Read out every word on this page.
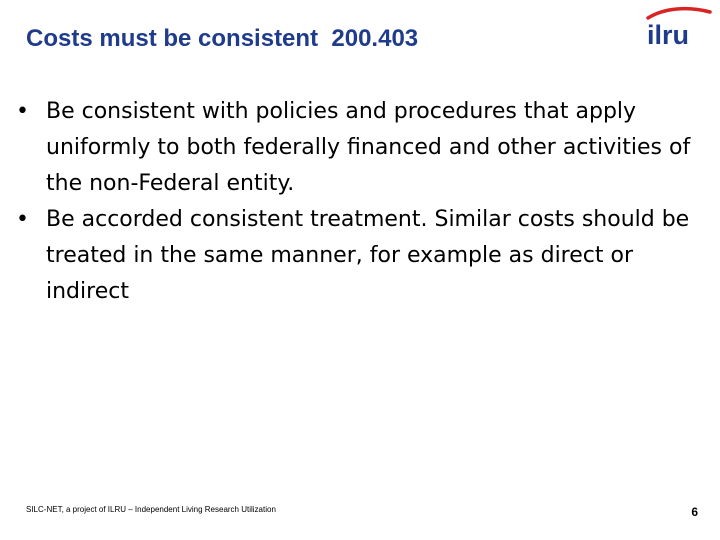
Costs must be consistent  200.403	ilru
• Be consistent with policies and procedures that apply uniformly to both federally financed and other activities of the non-Federal entity.
• Be accorded consistent treatment. Similar costs should be treated in the same manner, for example as direct or indirect
SILC-NET, a project of ILRU – Independent Living Research Utilization	6
